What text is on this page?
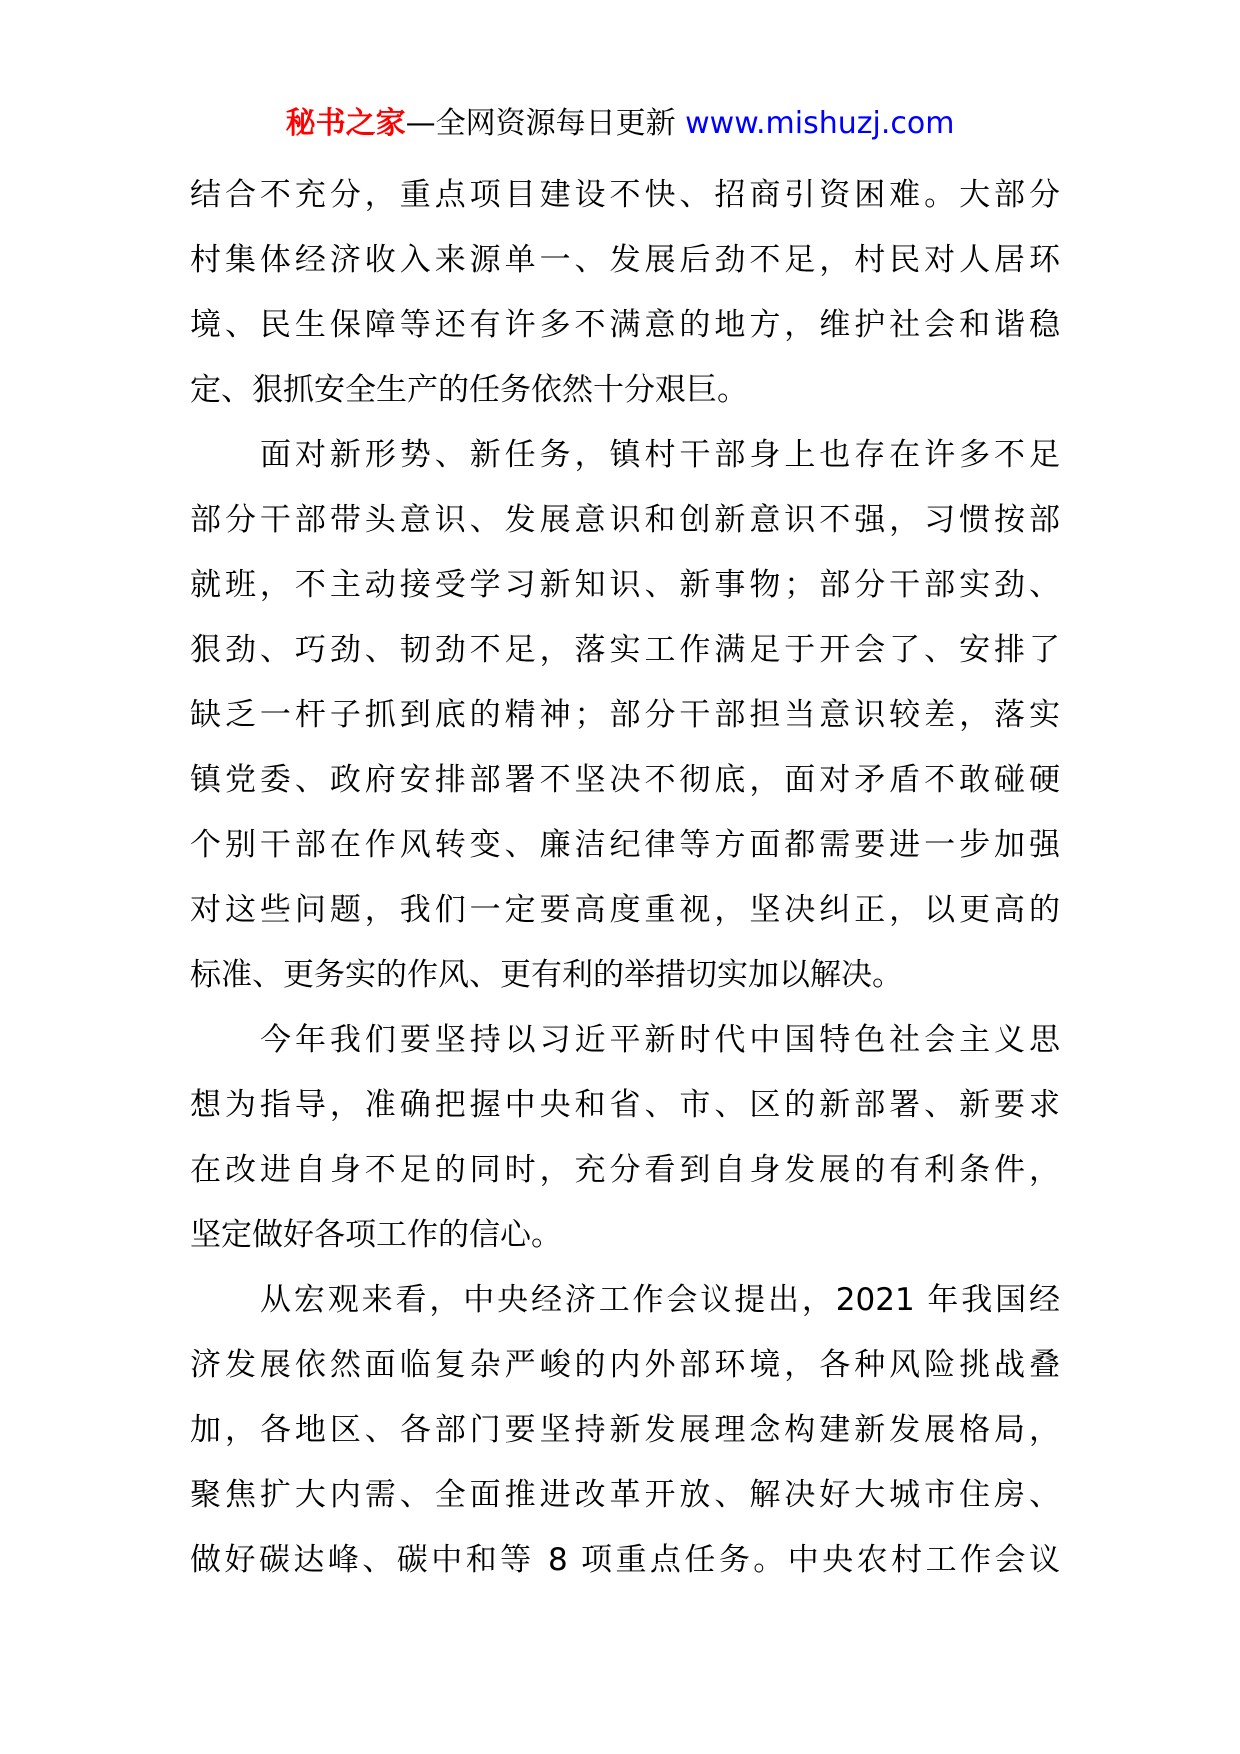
秘书之家—全网资源每日更新 www.mishuzj.com
结合不充分，重点项目建设不快、招商引资困难。大部分
村集体经济收入来源单一、发展后劲不足，村民对人居环
境、民生保障等还有许多不满意的地方，维护社会和谐稳
定、狠抓安全生产的任务依然十分艰巨。
面对新形势、新任务，镇村干部身上也存在许多不足
部分干部带头意识、发展意识和创新意识不强，习惯按部
就班，不主动接受学习新知识、新事物；部分干部实劲、
狠劲、巧劲、韧劲不足，落实工作满足于开会了、安排了
缺乏一杆子抓到底的精神；部分干部担当意识较差，落实
镇党委、政府安排部署不坚决不彻底，面对矛盾不敢碰硬
个别干部在作风转变、廉洁纪律等方面都需要进一步加强
对这些问题，我们一定要高度重视，坚决纠正，以更高的
标准、更务实的作风、更有利的举措切实加以解决。
今年我们要坚持以习近平新时代中国特色社会主义思
想为指导，准确把握中央和省、市、区的新部署、新要求
在改进自身不足的同时，充分看到自身发展的有利条件，
坚定做好各项工作的信心。
从宏观来看，中央经济工作会议提出，2021 年我国经
济发展依然面临复杂严峻的内外部环境，各种风险挑战叠
加，各地区、各部门要坚持新发展理念构建新发展格局，
聚焦扩大内需、全面推进改革开放、解决好大城市住房、
做好碳达峰、碳中和等 8 项重点任务。中央农村工作会议
